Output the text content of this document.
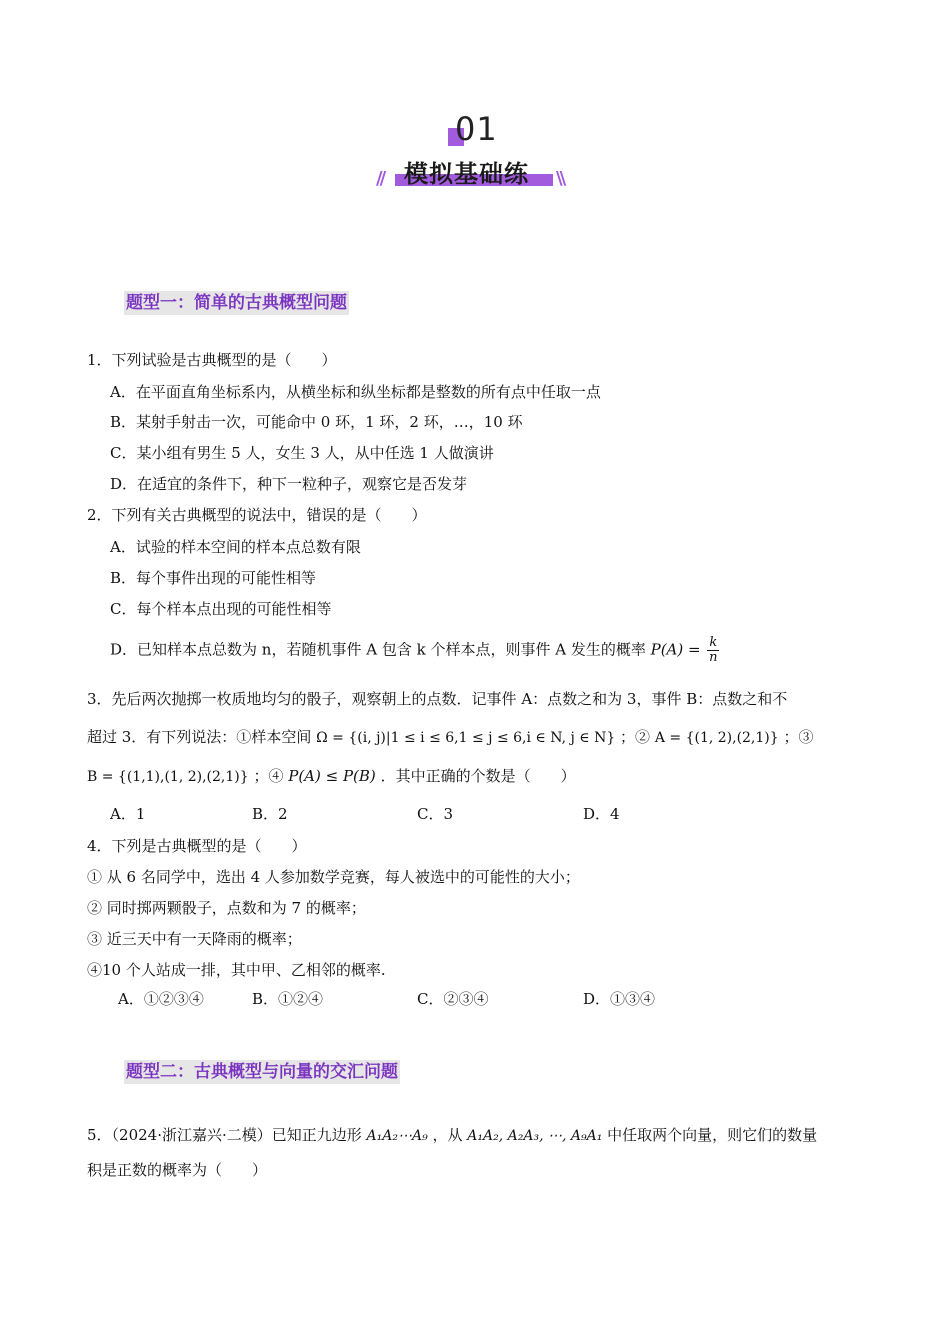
01
// 模拟基础练 \\
题型一：简单的古典概型问题
1．下列试验是古典概型的是（　　）
A．在平面直角坐标系内，从横坐标和纵坐标都是整数的所有点中任取一点
B．某射手射击一次，可能命中 0 环，1 环，2 环，…，10 环
C．某小组有男生 5 人，女生 3 人，从中任选 1 人做演讲
D．在适宜的条件下，种下一粒种子，观察它是否发芽
2．下列有关古典概型的说法中，错误的是（　　）
A．试验的样本空间的样本点总数有限
B．每个事件出现的可能性相等
C．每个样本点出现的可能性相等
D．已知样本点总数为 n，若随机事件 A 包含 k 个样本点，则事件 A 发生的概率 $P(A) = \frac{k}{n}$
3．先后两次抛掷一枚质地均匀的骰子，观察朝上的点数．记事件 A：点数之和为 3，事件 B：点数之和不
超过 3．有下列说法：①样本空间 Ω = {(i, j)|1 ≤ i ≤ 6,1 ≤ j ≤ 6,i ∈ N, j ∈ N} ；② A = {(1, 2),(2,1)} ；③
B = {(1,1),(1, 2),(2,1)} ；④ P(A) ≤ P(B) ．其中正确的个数是（　　）
A．1	B．2	C．3	D．4
4．下列是古典概型的是（　　）
① 从 6 名同学中，选出 4 人参加数学竞赛，每人被选中的可能性的大小；
② 同时掷两颗骰子，点数和为 7 的概率；
③ 近三天中有一天降雨的概率；
④10 个人站成一排，其中甲、乙相邻的概率.
A．①②③④	B．①②④	C．②③④	D．①③④
题型二：古典概型与向量的交汇问题
5．（2024·浙江嘉兴·二模）已知正九边形 A₁A₂⋯A₉ ，从 A₁A₂, A₂A₃, ⋯, A₉A₁ 中任取两个向量，则它们的数量
积是正数的概率为（　　）
